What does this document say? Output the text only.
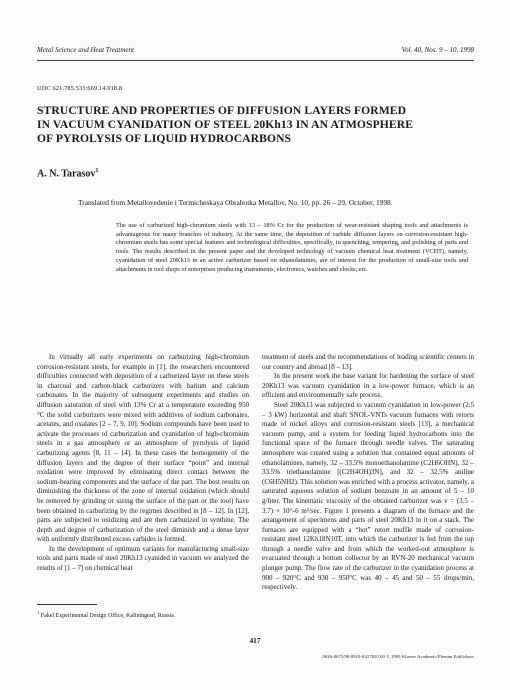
Metal Science and Heat Treatment	Vol. 40, Nos. 9 – 10, 1998
UDC 621.785.533:669.14.018.8
STRUCTURE AND PROPERTIES OF DIFFUSION LAYERS FORMED
IN VACUUM CYANIDATION OF STEEL 20Kh13 IN AN ATMOSPHERE
OF PYROLYSIS OF LIQUID HYDROCARBONS
A. N. Tarasov$^1$
Translated from Metallovedenie i Termicheskaya Obrabotka Metallov, No. 10, pp. 26 – 29, October, 1998.
The use of carburized high-chromium steels with 13 – 18% Cr for the production of wear-resistant shaping tools and attachments is advantageous for many branches of industry. At the same time, the deposition of carbide diffusion layers on corrosion-resistant high-chromium steels has some special features and technological difficulties, specifically, in quenching, tempering, and polishing of parts and tools. The results described in the present paper and the developed technology of vacuum chemical heat treatment (VCHT), namely, cyanidation of steel 20Kh13 in an active carburizer based on ethanolamines, are of interest for the production of small-size tools and attachments in tool shops of enterprises producing instruments, electronics, watches and clocks, etc.

In virtually all early experiments on carburizing high-chromium corrosion-resistant steels, for example in [1], the researchers encountered difficulties connected with deposition of a carburized layer on these steels in charcoal and carbon-black carburizers with barium and calcium carbonates. In the majority of subsequent experiments and studies on diffusion saturation of steel with 13% Cr at a temperature exceeding 950 °C the solid carburizers were mixed with additives of sodium carbonates, acetates, and oxalates [2 – 7, 9, 10]. Sodium compounds have been used to activate the processes of carburization and cyanidation of high-chromium steels in a gas atmosphere or an atmosphere of pyrolysis of liquid carburizing agents [8, 11 – 14]. In these cases the homogeneity of the diffusion layers and the degree of their surface “point” and internal oxidation were improved by eliminating direct contact between the sodium-bearing components and the surface of the part. The best results on diminishing the thickness of the zone of internal oxidation (which should be removed by grinding or sizing the surface of the part or the tool) have been obtained in carburizing by the regimes described in [8 – 12]. In [12], parts are subjected to oxidizing and are then carburized in synthine. The depth and degree of carburization of the steel diminish and a dense layer with uniformly distributed excess carbides is formed.

In the development of optimum variants for manufacturing small-size tools and parts made of steel 20Kh13 cyanided in vacuum we analyzed the results of [1 – 7] on chemical heat

treatment of steels and the recommendations of leading scientific centers in our country and abroad [8 – 13].

In the present work the base variant for hardening the surface of steel 20Kh13 was vacuum cyanidation in a low-power furnace, which is an efficient and environmentally safe process.

Steel 20Kh13 was subjected to vacuum cyanidation in low-power (2.5 – 3 kW) horizontal and shaft SNOL-VNTs vacuum furnaces with retorts made of nickel alloys and corrosion-resistant steels [13], a mechanical vacuum pump, and a system for feeding liquid hydrocarbons into the functional space of the furnace through needle valves. The saturating atmosphere was created using a solution that contained equal amounts of ethanolamines, namely, 32 – 33.5% monoethanolamine (C2H6OHN), 32 – 33.5% triethanolamine [(C2H4OH)3N], and 32 – 32.5% aniline (C6H5NH2). This solution was enriched with a process activator, namely, a saturated aqueous solution of sodium benzoate in an amount of 5 – 10 g/liter. The kinematic viscosity of the obtained carburizer was v = (3.5 – 3.7) × 10^-6 m²/sec. Figure 1 presents a diagram of the furnace and the arrangement of specimens and parts of steel 20Kh13 in it on a stack. The furnaces are equipped with a “hot” retort muffle made of corrosion-resistant steel 12Kh18N10T, into which the carburizer is fed from the top through a needle valve and from which the worked-out atmosphere is evacuated through a bottom collector by an RVN-20 mechanical vacuum plunger pump. The flow rate of the carburizer in the cyanidation process at 900 – 920°C and 930 – 950°C was 40 – 45 and 50 – 55 drops/min, respectively.

$^1$ Fakel Experimental Design Office, Kaliningrad, Russia.
417
0026-0673/98/0910-0417$20.00 © 1999 Kluwer Academic/Plenum Publishers
